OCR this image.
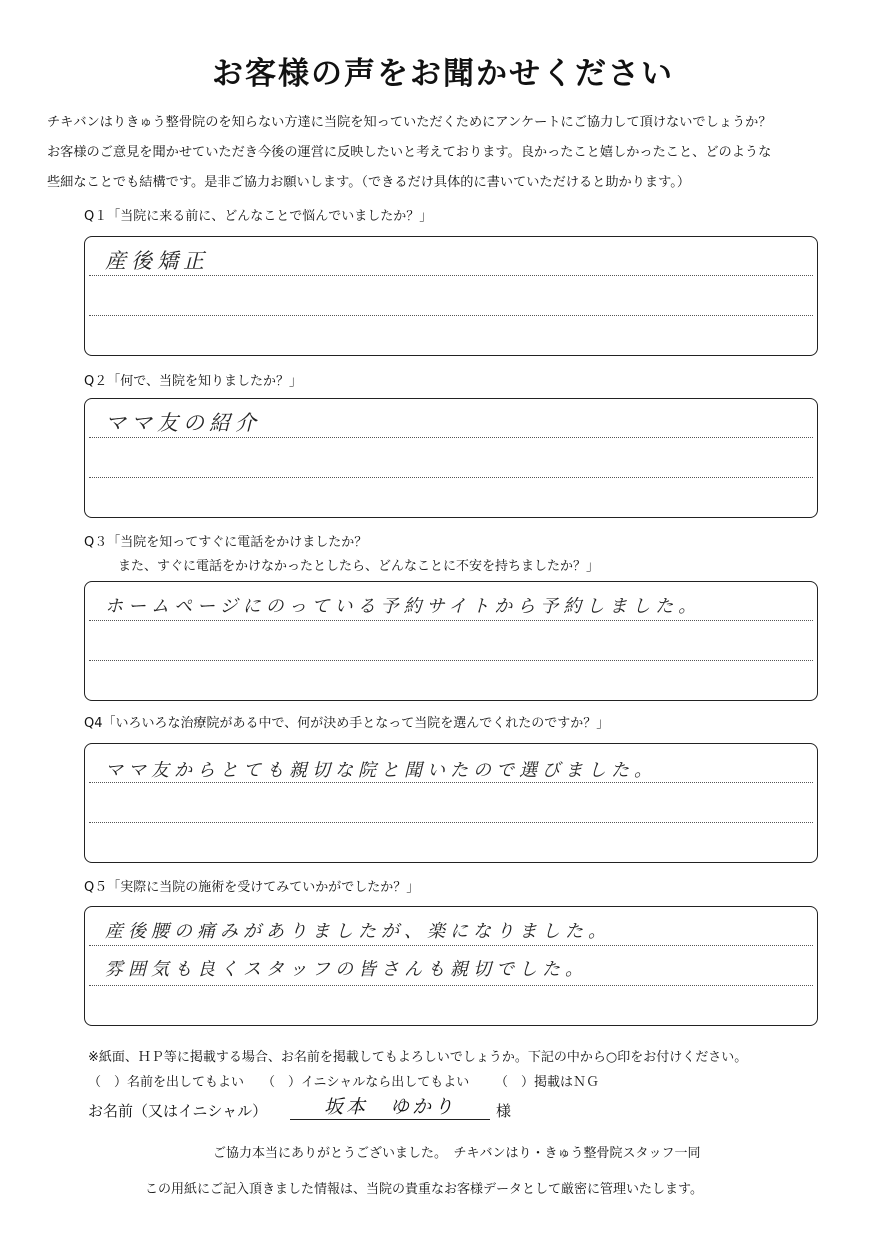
お客様の声をお聞かせください
チキバンはりきゅう整骨院のを知らない方達に当院を知っていただくためにアンケートにご協力して頂けないでしょうか？
お客様のご意見を聞かせていただき今後の運営に反映したいと考えております。良かったこと嬉しかったこと、どのような
些細なことでも結構です。是非ご協力お願いします。（できるだけ具体的に書いていただけると助かります。）
Q１「当院に来る前に、どんなことで悩んでいましたか？」
産後矯正
Q２「何で、当院を知りましたか？」
ママ友の紹介
Q３「当院を知ってすぐに電話をかけましたか？
また、すぐに電話をかけなかったとしたら、どんなことに不安を持ちましたか？」
ホームページにのっている予約サイトから予約しました。
Q4「いろいろな治療院がある中で、何が決め手となって当院を選んでくれたのですか？」
ママ友からとても親切な院と聞いたので選びました。
Q５「実際に当院の施術を受けてみていかがでしたか？」
産後腰の痛みがありましたが、楽になりました。
雰囲気も良くスタッフの皆さんも親切でした。
※紙面、ＨＰ等に掲載する場合、お名前を掲載してもよろしいでしょうか。下記の中から○印をお付けください。
（　）名前を出してもよい （　）イニシャルなら出してもよい （　）掲載はＮＧ
お名前（又はイニシャル）	坂本　ゆかり	様
ご協力本当にありがとうございました。　チキバンはり・きゅう整骨院スタッフ一同
この用紙にご記入頂きました情報は、当院の貴重なお客様データとして厳密に管理いたします。
